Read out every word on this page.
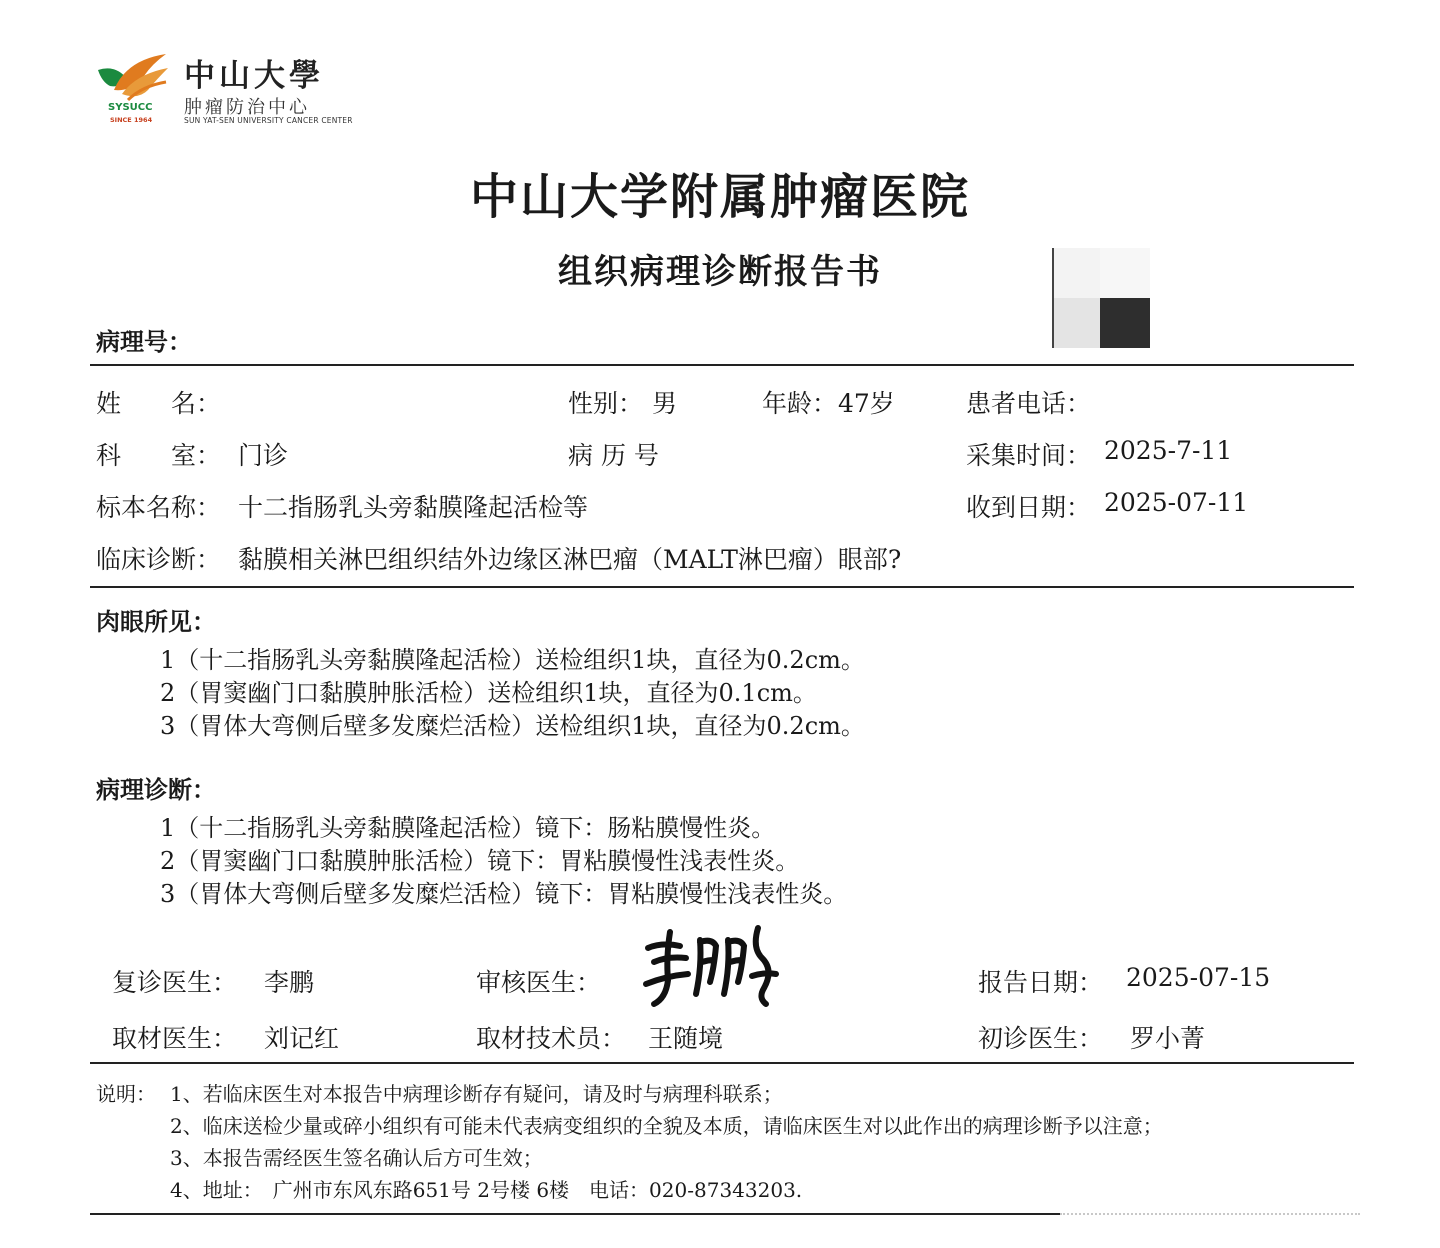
SYSUCC
SINCE 1964
中山大學
肿瘤防治中心
SUN YAT-SEN UNIVERSITY CANCER CENTER
中山大学附属肿瘤医院
组织病理诊断报告书
病理号：
姓　　名：	性别： 男	年龄： 47岁	患者电话：
科　　室： 门诊	病 历 号	采集时间： 2025-7-11
标本名称： 十二指肠乳头旁黏膜隆起活检等	收到日期： 2025-07-11
临床诊断： 黏膜相关淋巴组织结外边缘区淋巴瘤（MALT淋巴瘤）眼部?
肉眼所见：
1（十二指肠乳头旁黏膜隆起活检）送检组织1块，直径为0.2cm。
2（胃窦幽门口黏膜肿胀活检）送检组织1块，直径为0.1cm。
3（胃体大弯侧后壁多发糜烂活检）送检组织1块，直径为0.2cm。
病理诊断：
1（十二指肠乳头旁黏膜隆起活检）镜下：肠粘膜慢性炎。
2（胃窦幽门口黏膜肿胀活检）镜下：胃粘膜慢性浅表性炎。
3（胃体大弯侧后壁多发糜烂活检）镜下：胃粘膜慢性浅表性炎。
复诊医生： 李鹏	审核医生：	报告日期： 2025-07-15
取材医生： 刘记红	取材技术员： 王随境	初诊医生： 罗小菁
说明： 1、若临床医生对本报告中病理诊断存有疑问，请及时与病理科联系；
2、临床送检少量或碎小组织有可能未代表病变组织的全貌及本质，请临床医生对以此作出的病理诊断予以注意；
3、本报告需经医生签名确认后方可生效；
4、地址：　广州市东风东路651号 2号楼 6楼　电话：020-87343203.
